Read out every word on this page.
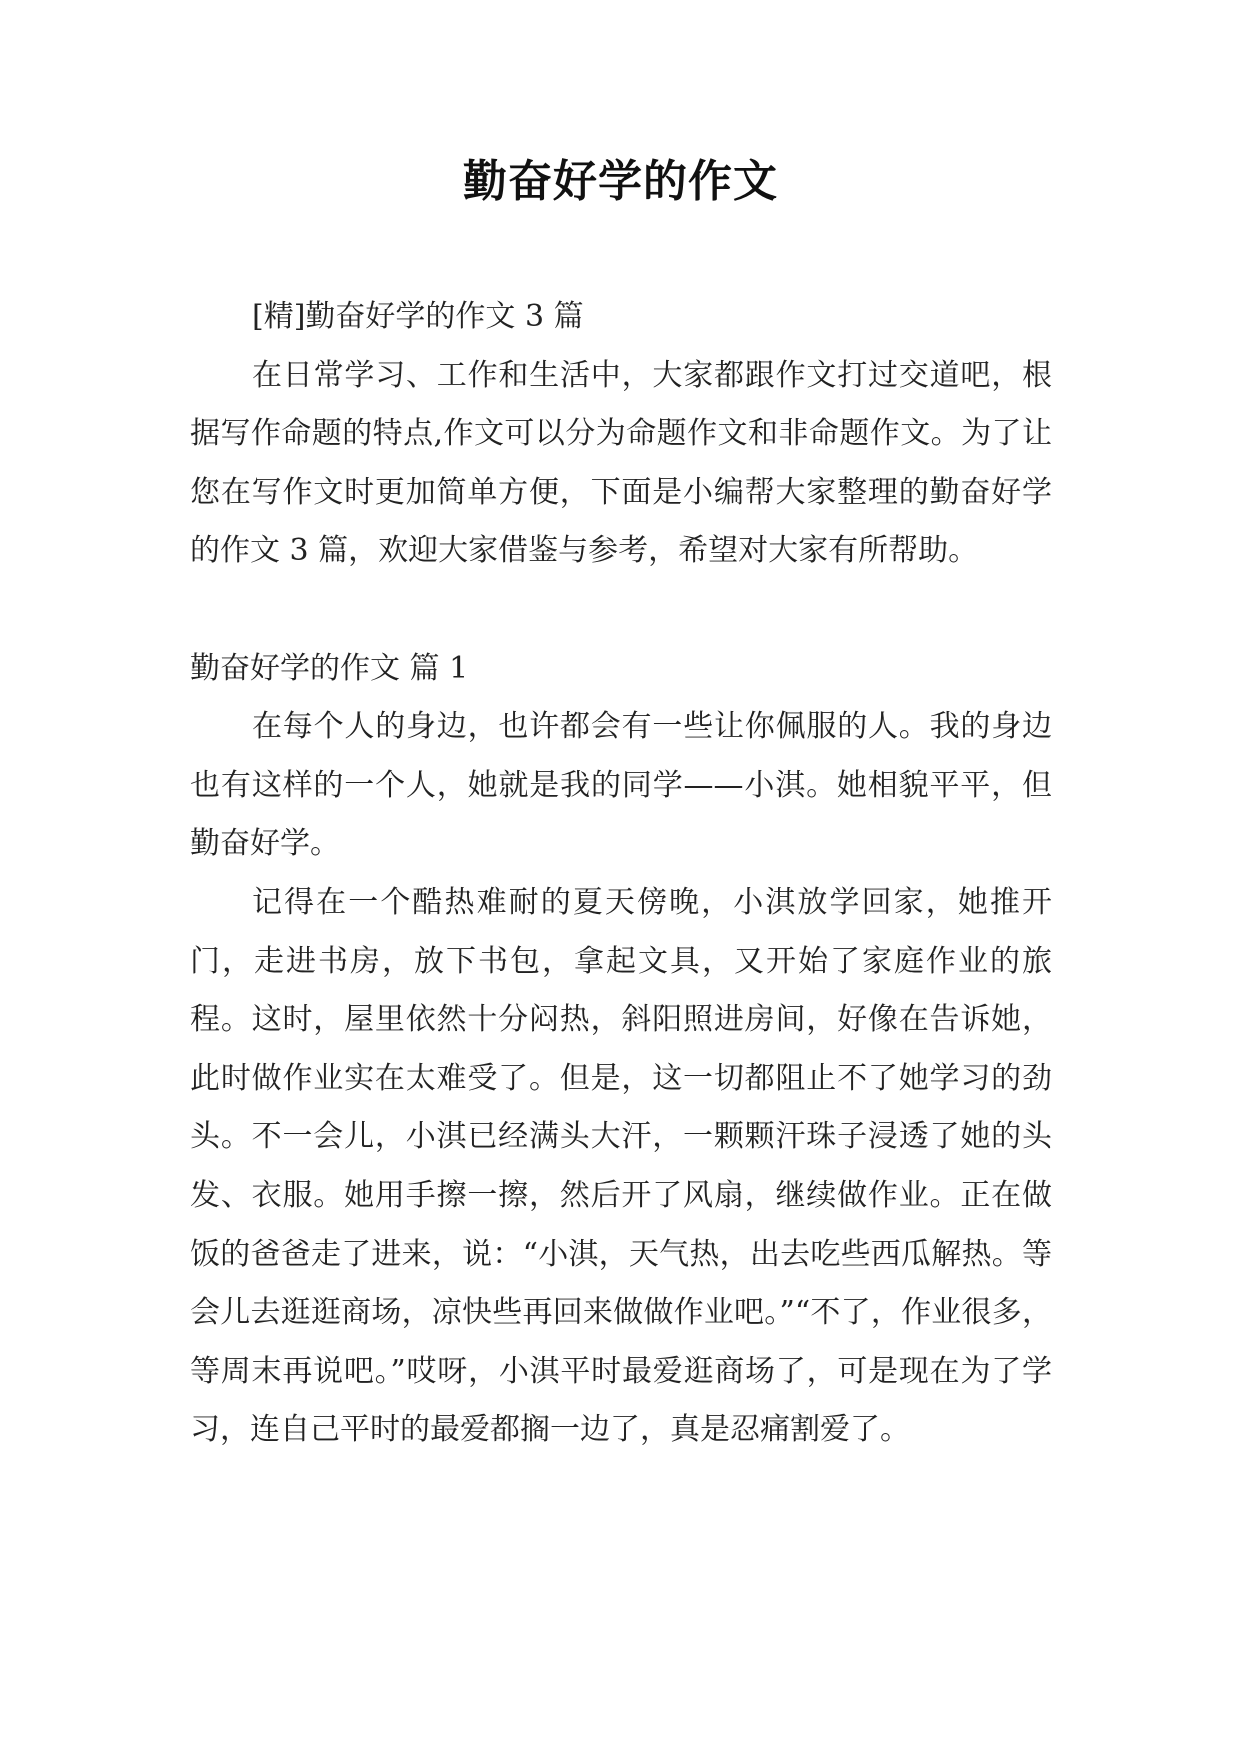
勤奋好学的作文

[精]勤奋好学的作文 3 篇

在日常学习、工作和生活中，大家都跟作文打过交道吧，根据写作命题的特点,作文可以分为命题作文和非命题作文。为了让您在写作文时更加简单方便，下面是小编帮大家整理的勤奋好学的作文 3 篇，欢迎大家借鉴与参考，希望对大家有所帮助。

勤奋好学的作文 篇 1

在每个人的身边，也许都会有一些让你佩服的人。我的身边也有这样的一个人，她就是我的同学——小淇。她相貌平平，但勤奋好学。

记得在一个酷热难耐的夏天傍晚，小淇放学回家，她推开门，走进书房，放下书包，拿起文具，又开始了家庭作业的旅程。这时，屋里依然十分闷热，斜阳照进房间，好像在告诉她，此时做作业实在太难受了。但是，这一切都阻止不了她学习的劲头。不一会儿，小淇已经满头大汗，一颗颗汗珠子浸透了她的头发、衣服。她用手擦一擦，然后开了风扇，继续做作业。正在做饭的爸爸走了进来，说：“小淇，天气热，出去吃些西瓜解热。等会儿去逛逛商场，凉快些再回来做做作业吧。”“不了，作业很多，等周末再说吧。”哎呀，小淇平时最爱逛商场了，可是现在为了学习，连自己平时的最爱都搁一边了，真是忍痛割爱了。
